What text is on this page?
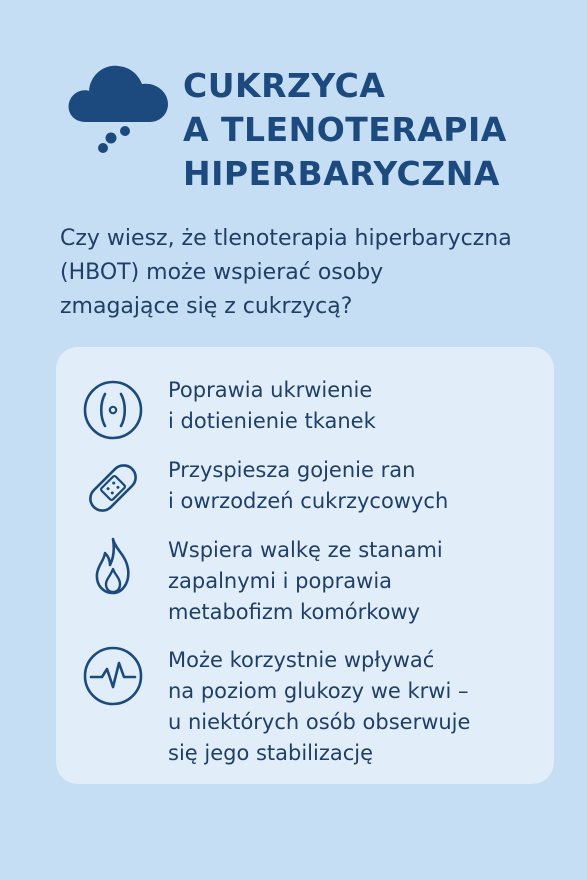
CUKRZYCA
A TLENOTERAPIA
HIPERBARYCZNA

Czy wiesz, że tlenoterapia hiperbaryczna
(HBOT) może wspierać osoby
zmagające się z cukrzycą?

Poprawia ukrwienie
i dotienienie tkanek

Przyspiesza gojenie ran
i owrzodzeń cukrzycowych

Wspiera walkę ze stanami
zapalnymi i poprawia
metabofizm komórkowy

Może korzystnie wpływać
na poziom glukozy we krwi –
u niektórych osób obserwuje
się jego stabilizację
